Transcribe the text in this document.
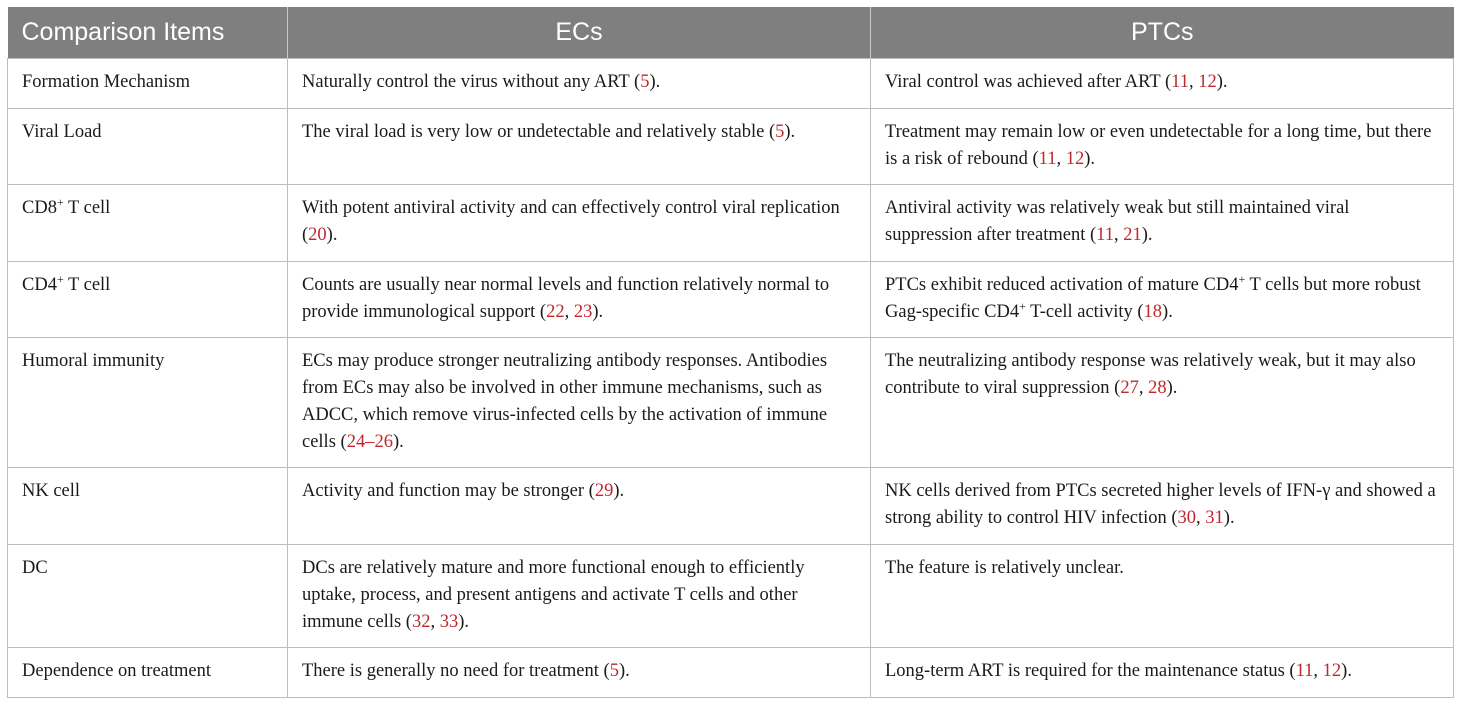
Comparison Items	ECs	PTCs
Formation Mechanism	Naturally control the virus without any ART (5).	Viral control was achieved after ART (11, 12).
Viral Load	The viral load is very low or undetectable and relatively stable (5).	Treatment may remain low or even undetectable for a long time, but there is a risk of rebound (11, 12).
CD8+ T cell	With potent antiviral activity and can effectively control viral replication (20).	Antiviral activity was relatively weak but still maintained viral suppression after treatment (11, 21).
CD4+ T cell	Counts are usually near normal levels and function relatively normal to provide immunological support (22, 23).	PTCs exhibit reduced activation of mature CD4+ T cells but more robust Gag-specific CD4+ T-cell activity (18).
Humoral immunity	ECs may produce stronger neutralizing antibody responses. Antibodies from ECs may also be involved in other immune mechanisms, such as ADCC, which remove virus-infected cells by the activation of immune cells (24–26).	The neutralizing antibody response was relatively weak, but it may also contribute to viral suppression (27, 28).
NK cell	Activity and function may be stronger (29).	NK cells derived from PTCs secreted higher levels of IFN-γ and showed a strong ability to control HIV infection (30, 31).
DC	DCs are relatively mature and more functional enough to efficiently uptake, process, and present antigens and activate T cells and other immune cells (32, 33).	The feature is relatively unclear.
Dependence on treatment	There is generally no need for treatment (5).	Long-term ART is required for the maintenance status (11, 12).
